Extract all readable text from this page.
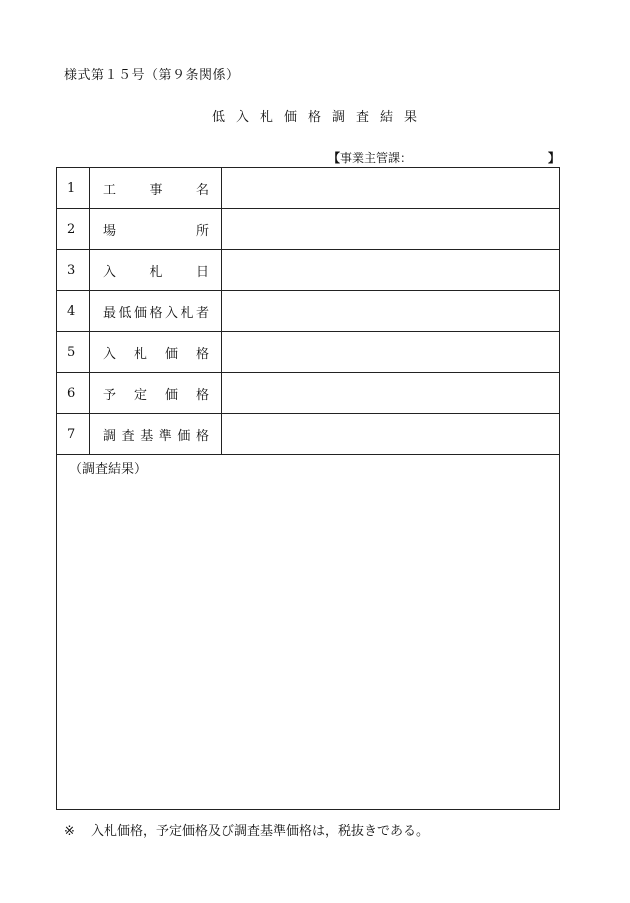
様式第１５号（第９条関係）
低入札価格調査結果
【 事業主管課：	】
1	工事名	

2	場所	

3	入札日	

4	最低価格入札者	

5	入札価格	

6	予定価格	

7	調査基準価格	

（調査結果）		
※ 入札価格，予定価格及び調査基準価格は，税抜きである。
